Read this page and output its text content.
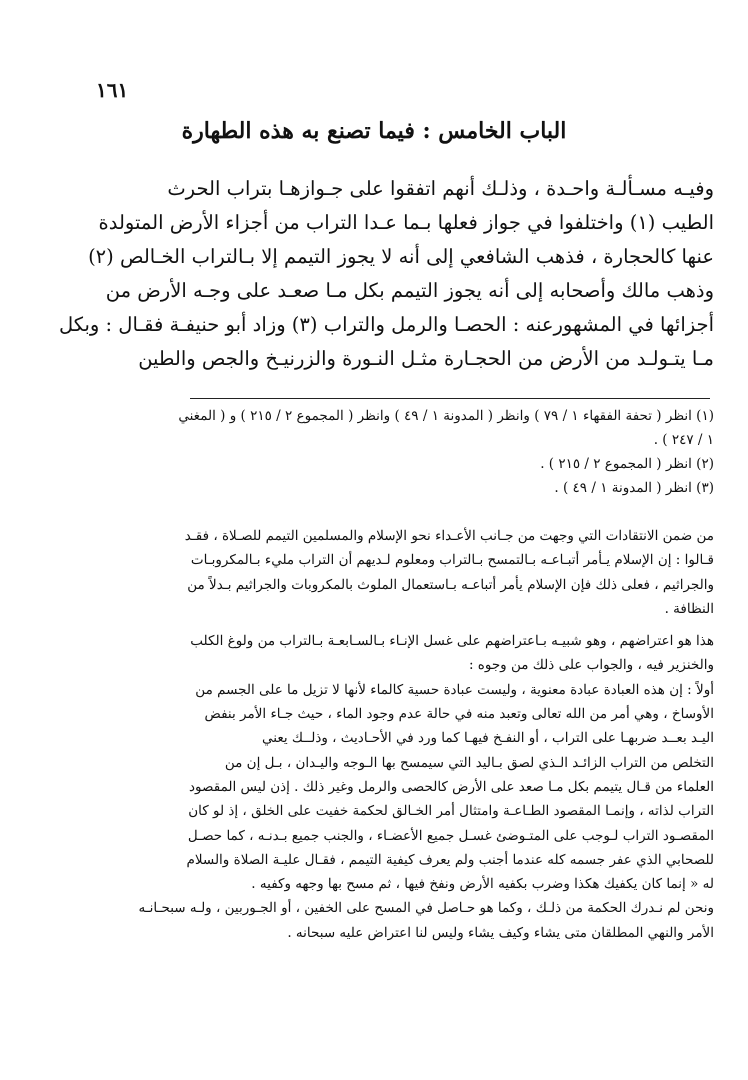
١٦١
الباب الخامس : فيما تصنع به هذه الطهارة
وفيـه مسـألـة واحـدة ، وذلـك أنهم اتفقوا على جـوازهـا بتراب الحرث
الطيب (١) واختلفوا في جواز فعلها بـما عـدا التراب من أجزاء الأرض المتولدة
عنها كالحجارة ، فذهب الشافعي إلى أنه لا يجوز التيمم إلا بـالتراب الخـالص (٢)
وذهب مالك وأصحابه إلى أنه يجوز التيمم بكل مـا صعـد على وجـه الأرض من
أجزائها في المشهورعنه : الحصـا والرمل والتراب (٣) وزاد أبو حنيفـة فقـال : وبكل
مـا يتـولـد من الأرض من الحجـارة مثـل النـورة والزرنيـخ والجص والطين
(١) انظر ( تحفة الفقهاء ١ / ٧٩ ) وانظر ( المدونة ١ / ٤٩ ) وانظر ( المجموع ٢ / ٢١٥ ) و ( المغني
١ / ٢٤٧ ) .
(٢) انظر ( المجموع ٢ / ٢١٥ ) .
(٣) انظر ( المدونة ١ / ٤٩ ) .
من ضمن الانتقادات التي وجهت من جـانب الأعـداء نحو الإسلام والمسلمين التيمم للصـلاة ، فقـد
قـالوا : إن الإسلام يـأمر أتبـاعـه بـالتمسح بـالتراب ومعلوم لـديهم أن التراب مليء بـالمكروبـات
والجراثيم ، فعلى ذلك فإن الإسلام يأمر أتباعـه بـاستعمال الملوث بالمكروبات والجراثيم بـدلاً من
النظافة .
هذا هو اعتراضهم ، وهو شبيـه بـاعتراضهم على غسل الإنـاء بـالسـابعـة بـالتراب من ولوغ الكلب
والخنزير فيه ، والجواب على ذلك من وجوه :
أولاً : إن هذه العبادة عبادة معنوية ، وليست عبادة حسية كالماء لأنها لا تزيل ما على الجسم من
الأوساخ ، وهي أمر من الله تعالى وتعبد منه في حالة عدم وجود الماء ، حيث جـاء الأمر بنفض
اليـد بعــد ضربهـا على التراب ، أو النفـخ فيهـا كما ورد في الأحـاديث ، وذلــك يعني
التخلص من التراب الزائـد الـذي لصق بـاليد التي سيمسح بها الـوجه واليـدان ، بـل إن من
العلماء من قـال يتيمم بكل مـا صعد على الأرض كالحصى والرمل وغير ذلك . إذن ليس المقصود
التراب لذاته ، وإنمـا المقصود الطـاعـة وامتثال أمر الخـالق لحكمة خفيت على الخلق ، إذ لو كان
المقصـود التراب لـوجب على المتـوضئ غسـل جميع الأعضـاء ، والجنب جميع بـدنـه ، كما حصـل
للصحابي الذي عفر جسمه كله عندما أجنب ولم يعرف كيفية التيمم ، فقـال عليـة الصلاة والسلام
له « إنما كان يكفيك هكذا وضرب بكفيه الأرض ونفخ فيها ، ثم مسح بها وجهه وكفيه .
ونحن لم نـدرك الحكمة من ذلـك ، وكما هو حـاصل في المسح على الخفين ، أو الجـوربين ، ولـه سبحـانـه
الأمر والنهي المطلقان متى يشاء وكيف يشاء وليس لنا اعتراض عليه سبحانه .
